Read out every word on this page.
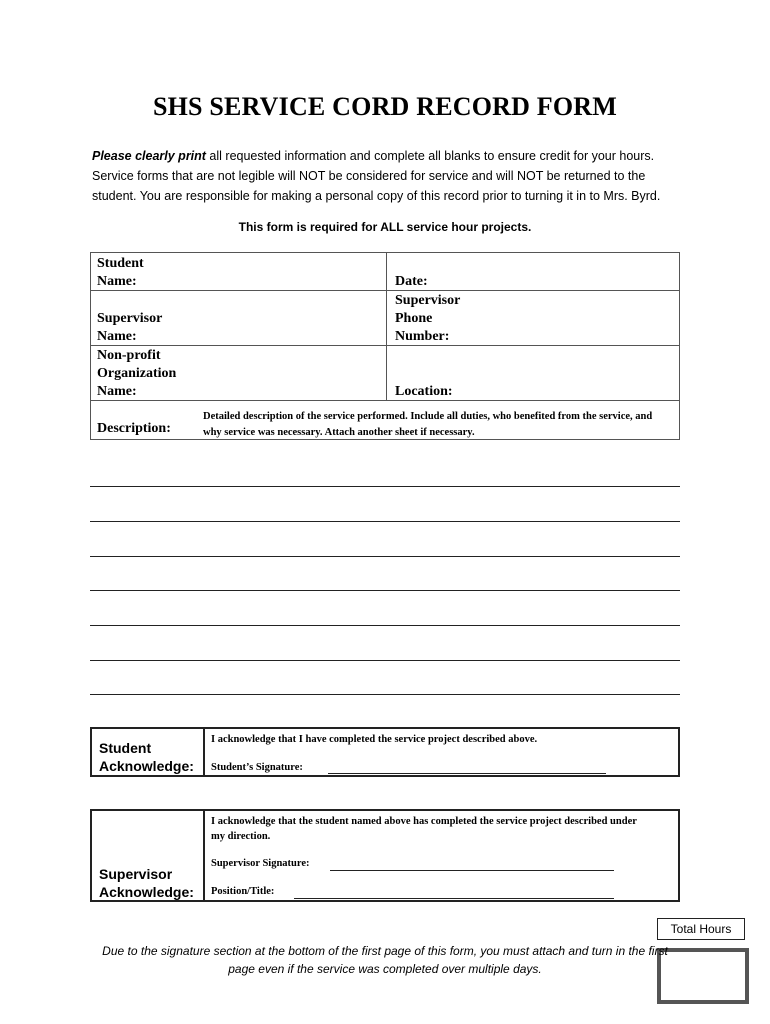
SHS SERVICE CORD RECORD FORM
Please clearly print all requested information and complete all blanks to ensure credit for your hours. Service forms that are not legible will NOT be considered for service and will NOT be returned to the student. You are responsible for making a personal copy of this record prior to turning it in to Mrs. Byrd.
This form is required for ALL service hour projects.
Student
Name:	Date:
Supervisor
Name:
Supervisor
Phone
Number:
Non-profit
Organization
Name:	Location:
Description:
Detailed description of the service performed. Include all duties, who benefited from the service, and why service was necessary. Attach another sheet if necessary.
Student
Acknowledge:
I acknowledge that I have completed the service project described above.
Student’s Signature:
Supervisor
Acknowledge:
I acknowledge that the student named above has completed the service project described under my direction.
Supervisor Signature:
Position/Title:
Total Hours
Due to the signature section at the bottom of the first page of this form, you must attach and turn in the first page even if the service was completed over multiple days.
